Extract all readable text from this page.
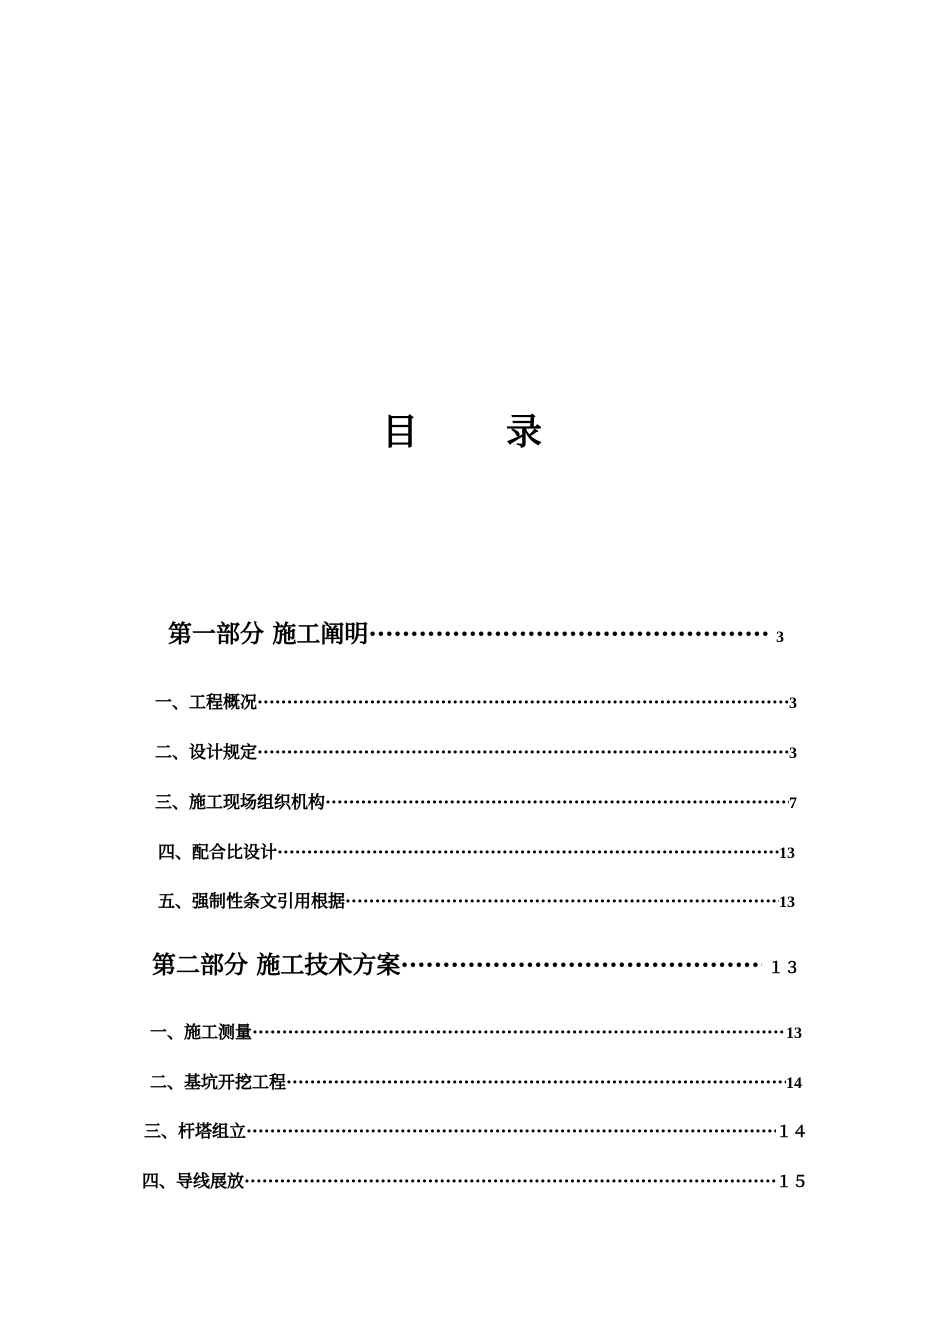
目　录
第一部分 施工阐明 ·····	3
一、工程概况 ·····	3
二、设计规定 ·····	3
三、施工现场组织机构 ·····	7
四、配合比设计 ·····	13
五、强制性条文引用根据 ·····	13
第二部分 施工技术方案 ·····	１３
一、施工测量 ·····	13
二、基坑开挖工程 ·····	14
三、杆塔组立 ·····	１４
四、导线展放 ·····	１５
